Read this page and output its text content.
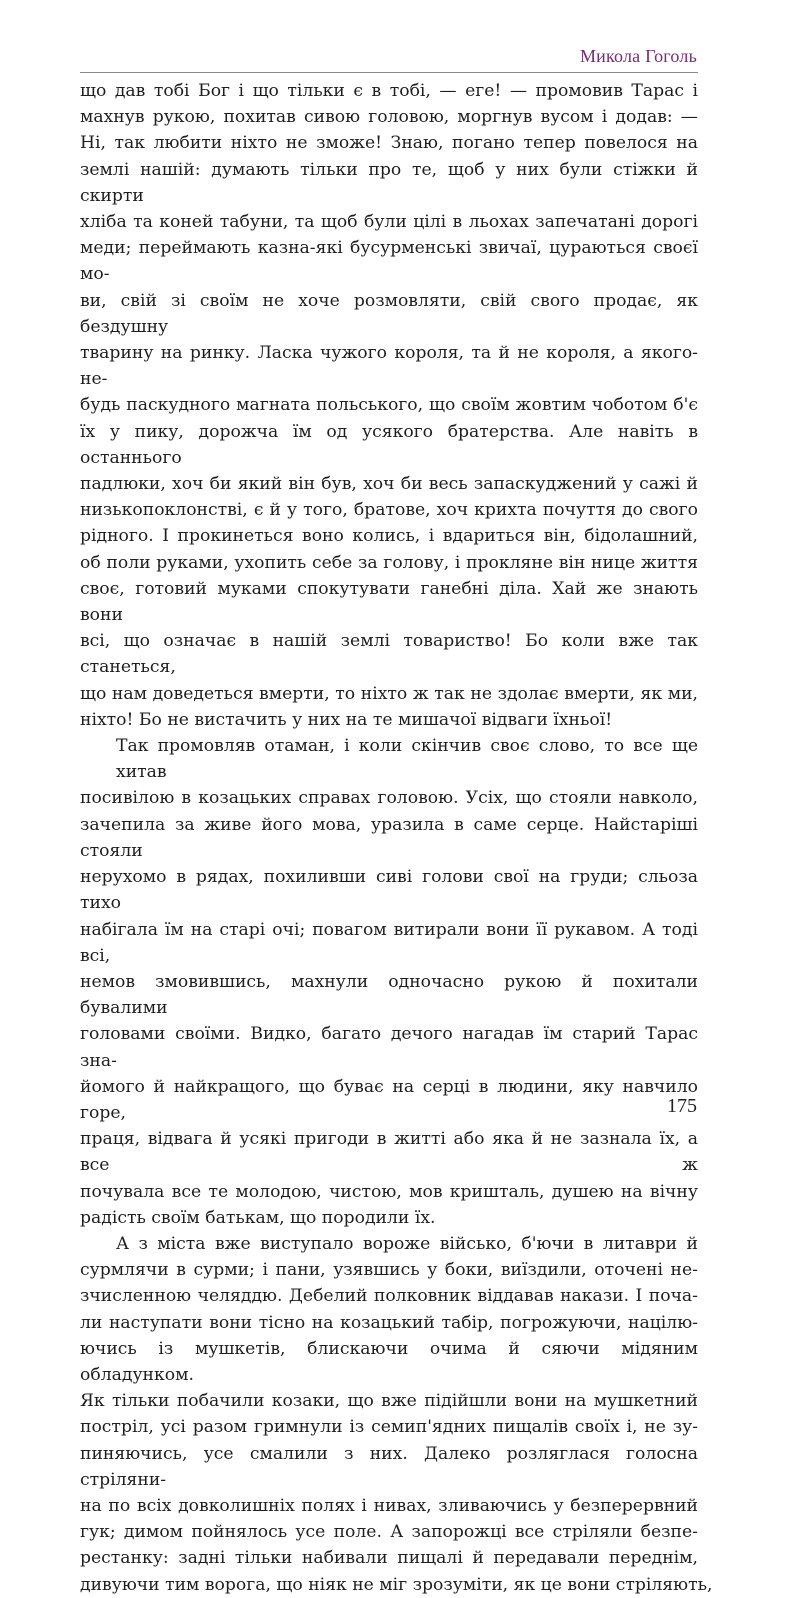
Микола Гоголь
що дав тобі Бог і що тільки є в тобі, — еге! — промовив Тарас і
махнув рукою, похитав сивою головою, моргнув вусом і додав: —
Ні, так любити ніхто не зможе! Знаю, погано тепер повелося на
землі нашій: думають тільки про те, щоб у них були стіжки й скирти
хліба та коней табуни, та щоб були цілі в льохах запечатані дорогі
меди; переймають казна-які бусурменські звичаї, цураються своєї мо-
ви, свій зі своїм не хоче розмовляти, свій свого продає, як бездушну
тварину на ринку. Ласка чужого короля, та й не короля, а якого-не-
будь паскудного магната польського, що своїм жовтим чоботом б'є
їх у пику, дорожча їм од усякого братерства. Але навіть в останнього
падлюки, хоч би який він був, хоч би весь запаскуджений у сажі й
низькопоклонстві, є й у того, братове, хоч крихта почуття до свого
рідного. І прокинеться воно колись, і вдариться він, бідолашний,
об поли руками, ухопить себе за голову, і прокляне він нице життя
своє, готовий муками спокутувати ганебні діла. Хай же знають вони
всі, що означає в нашій землі товариство! Бо коли вже так станеться,
що нам доведеться вмерти, то ніхто ж так не здолає вмерти, як ми,
ніхто! Бо не вистачить у них на те мишачої відваги їхньої!
Так промовляв отаман, і коли скінчив своє слово, то все ще хитав
посивілою в козацьких справах головою. Усіх, що стояли навколо,
зачепила за живе його мова, уразила в саме серце. Найстаріші стояли
нерухомо в рядах, похиливши сиві голови свої на груди; сльоза тихо
набігала їм на старі очі; повагом витирали вони її рукавом. А тоді всі,
немов змовившись, махнули одночасно рукою й похитали бувалими
головами своїми. Видко, багато дечого нагадав їм старий Тарас зна-
йомого й найкращого, що буває на серці в людини, яку навчило горе,
праця, відвага й усякі пригоди в житті або яка й не зазнала їх, а все ж
почувала все те молодою, чистою, мов кришталь, душею на вічну
радість своїм батькам, що породили їх.
А з міста вже виступало вороже військо, б'ючи в литаври й
сурмлячи в сурми; і пани, узявшись у боки, виїздили, оточені не-
зчисленною челяддю. Дебелий полковник віддавав накази. І поча-
ли наступати вони тісно на козацький табір, погрожуючи, націлю-
ючись із мушкетів, блискаючи очима й сяючи мідяним обладунком.
Як тільки побачили козаки, що вже підійшли вони на мушкетний
постріл, усі разом гримнули із семип'ядних пищалів своїх і, не зу-
пиняючись, усе смалили з них. Далеко розляглася голосна стріляни-
на по всіх довколишніх полях і нивах, зливаючись у безперервний
гук; димом пойнялось усе поле. А запорожці все стріляли безпе-
рестанку: задні тільки набивали пищалі й передавали переднім,
дивуючи тим ворога, що ніяк не міг зрозуміти, як це вони стріляють,
175
